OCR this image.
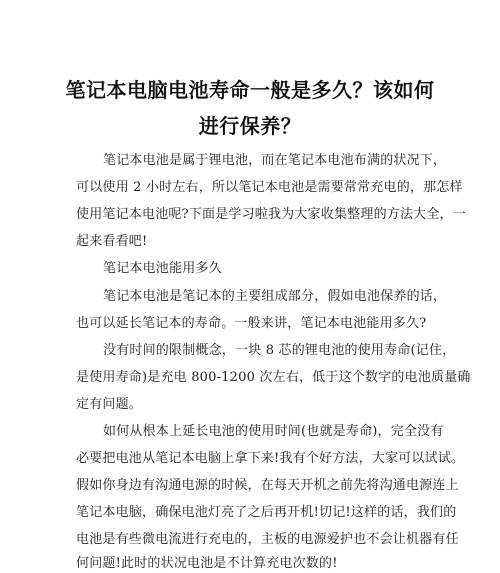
笔记本电脑电池寿命一般是多久？该如何
进行保养？
笔记本电池是属于锂电池，而在笔记本电池布满的状况下，
可以使用 2 小时左右，所以笔记本电池是需要常常充电的，那怎样
使用笔记本电池呢?下面是学习啦我为大家收集整理的方法大全，一
起来看看吧!
笔记本电池能用多久
笔记本电池是笔记本的主要组成部分，假如电池保养的话，
也可以延长笔记本的寿命。一般来讲，笔记本电池能用多久?
没有时间的限制概念，一块 8 芯的锂电池的使用寿命(记住，
是使用寿命)是充电 800-1200 次左右，低于这个数字的电池质量确
定有问题。
如何从根本上延长电池的使用时间(也就是寿命)，完全没有
必要把电池从笔记本电脑上拿下来!我有个好方法，大家可以试试。
假如你身边有沟通电源的时候，在每天开机之前先将沟通电源连上
笔记本电脑，确保电池灯亮了之后再开机!切记!这样的话，我们的
电池是有些微电流进行充电的，主板的电源爱护也不会让机器有任
何问题!此时的状况电池是不计算充电次数的!
